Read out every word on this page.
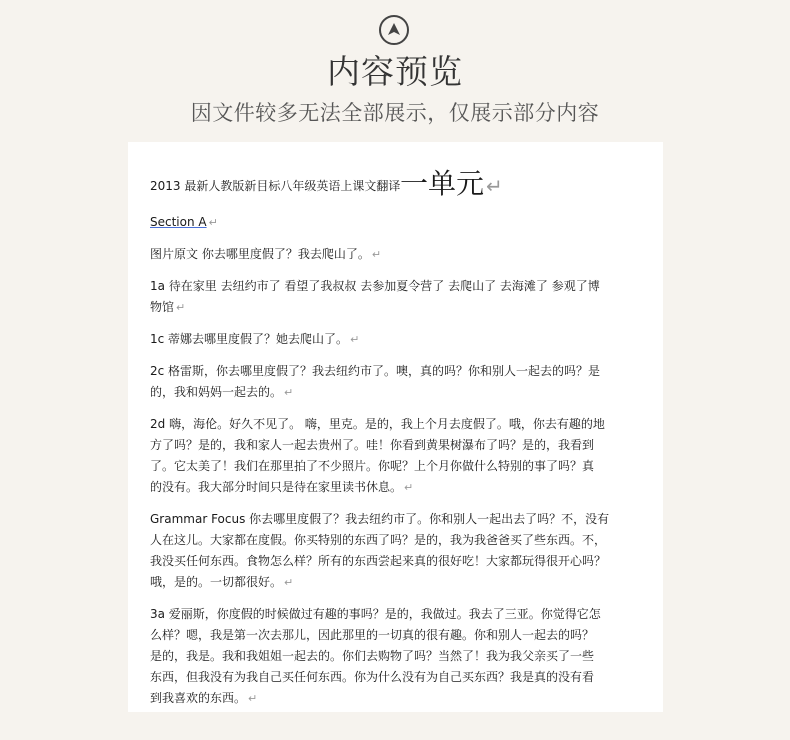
内容预览
因文件较多无法全部展示，仅展示部分内容
2013 最新人教版新目标八年级英语上课文翻译 一单元 ↵

Section A ↵

图片原文 你去哪里度假了？我去爬山了。 ↵

1a 待在家里 去纽约市了 看望了我叔叔 去参加夏令营了 去爬山了 去海滩了 参观了博

物馆 ↵

1c 蒂娜去哪里度假了？她去爬山了。 ↵

2c 格雷斯，你去哪里度假了？我去纽约市了。噢，真的吗？你和别人一起去的吗？是

的，我和妈妈一起去的。 ↵

2d 嗨，海伦。好久不见了。 嗨，里克。是的，我上个月去度假了。哦，你去有趣的地

方了吗？是的，我和家人一起去贵州了。哇！你看到黄果树瀑布了吗？是的，我看到

了。它太美了！我们在那里拍了不少照片。你呢？上个月你做什么特别的事了吗？真

的没有。我大部分时间只是待在家里读书休息。 ↵

Grammar Focus 你去哪里度假了？我去纽约市了。你和别人一起出去了吗？不，没有

人在这儿。大家都在度假。你买特别的东西了吗？是的，我为我爸爸买了些东西。不，

我没买任何东西。食物怎么样？所有的东西尝起来真的很好吃！大家都玩得很开心吗？

哦，是的。一切都很好。 ↵

3a 爱丽斯，你度假的时候做过有趣的事吗？是的，我做过。我去了三亚。你觉得它怎

么样？嗯，我是第一次去那儿，因此那里的一切真的很有趣。你和别人一起去的吗？

是的，我是。我和我姐姐一起去的。你们去购物了吗？当然了！我为我父亲买了一些

东西，但我没有为我自己买任何东西。你为什么没有为自己买东西？我是真的没有看

到我喜欢的东西。 ↵
